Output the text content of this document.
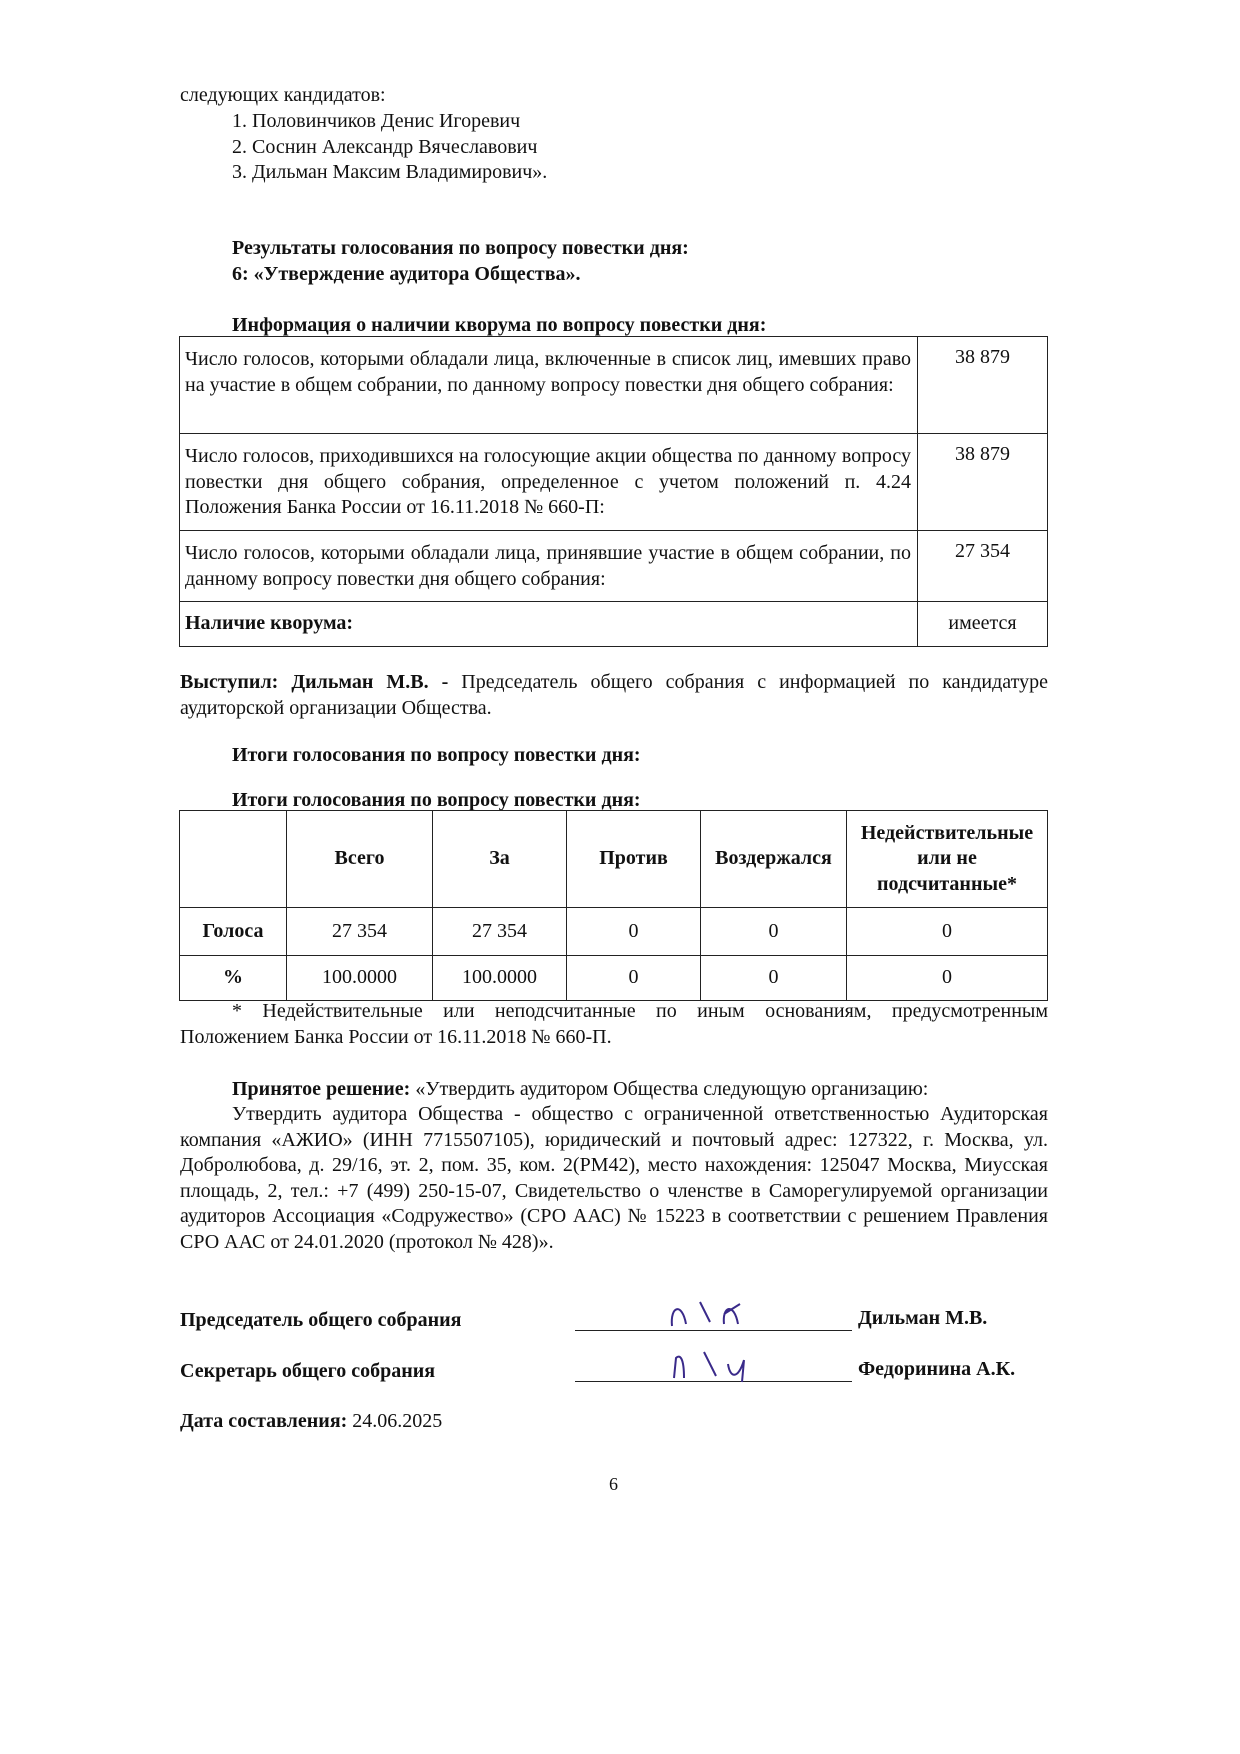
следующих кандидатов:
1. Половинчиков Денис Игоревич
2. Соснин Александр Вячеславович
3. Дильман Максим Владимирович».
Результаты голосования по вопросу повестки дня:
6: «Утверждение аудитора Общества».
Информация о наличии кворума по вопросу повестки дня:
Число голосов, которыми обладали лица, включенные в список лиц, имевших право на участие в общем собрании, по данному вопросу повестки дня общего собрания:	38 879
Число голосов, приходившихся на голосующие акции общества по данному вопросу повестки дня общего собрания, определенное с учетом положений п. 4.24 Положения Банка России от 16.11.2018 № 660-П:	38 879
Число голосов, которыми обладали лица, принявшие участие в общем собрании, по данному вопросу повестки дня общего собрания:	27 354
Наличие кворума:	имеется
Выступил: Дильман М.В. - Председатель общего собрания с информацией по кандидатуре аудиторской организации Общества.
Итоги голосования по вопросу повестки дня:
Итоги голосования по вопросу повестки дня:
	Всего	За	Против	Воздержался	Недействительные или не подсчитанные*
Голоса	27 354	27 354	0	0	0
%	100.0000	100.0000	0	0	0
* Недействительные или неподсчитанные по иным основаниям, предусмотренным Положением Банка России от 16.11.2018 № 660-П.
Принятое решение: «Утвердить аудитором Общества следующую организацию:
Утвердить аудитора Общества - общество с ограниченной ответственностью Аудиторская компания «АЖИО» (ИНН 7715507105), юридический и почтовый адрес: 127322, г. Москва, ул. Добролюбова, д. 29/16, эт. 2, пом. 35, ком. 2(РМ42), место нахождения: 125047 Москва, Миусская площадь, 2, тел.: +7 (499) 250-15-07, Свидетельство о членстве в Саморегулируемой организации аудиторов Ассоциация «Содружество» (СРО ААС) № 15223 в соответствии с решением Правления СРО ААС от 24.01.2020 (протокол № 428)».
Председатель общего собрания	Дильман М.В.
Секретарь общего собрания	Федоринина А.К.
Дата составления: 24.06.2025
6
